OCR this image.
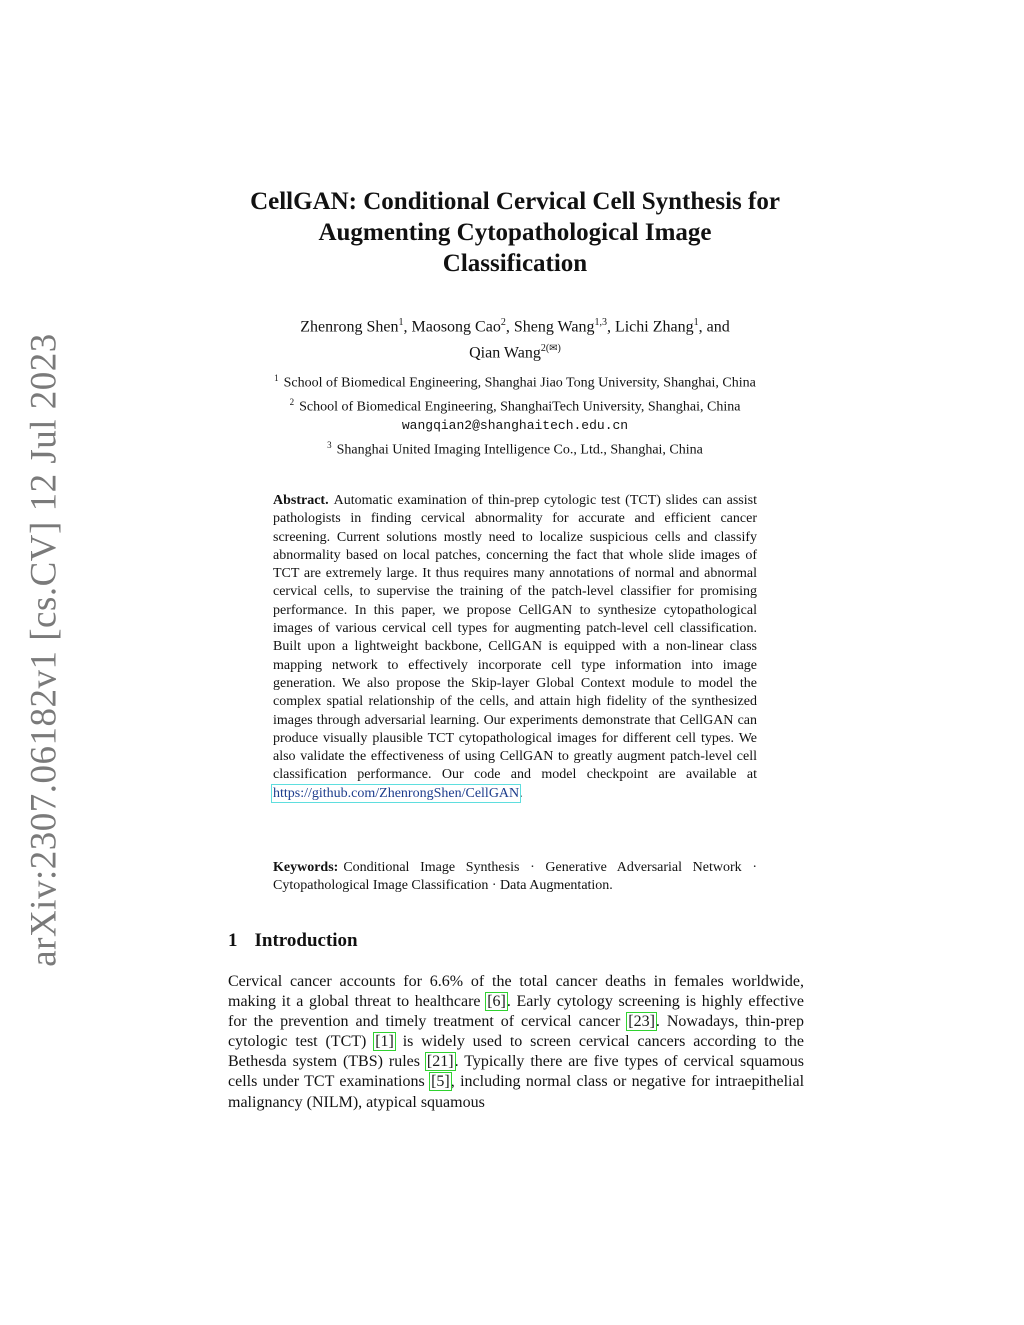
arXiv:2307.06182v1 [cs.CV] 12 Jul 2023
CellGAN: Conditional Cervical Cell Synthesis for
Augmenting Cytopathological Image
Classification
Zhenrong Shen$^1$, Maosong Cao$^2$, Sheng Wang$^{1,3}$, Lichi Zhang$^1$, and
Qian Wang$^{2(✉)}$
$^1$ School of Biomedical Engineering, Shanghai Jiao Tong University, Shanghai, China
$^2$ School of Biomedical Engineering, ShanghaiTech University, Shanghai, China
wangqian2@shanghaitech.edu.cn
$^3$ Shanghai United Imaging Intelligence Co., Ltd., Shanghai, China
Abstract. Automatic examination of thin-prep cytologic test (TCT) slides can assist pathologists in finding cervical abnormality for accurate and efficient cancer screening. Current solutions mostly need to localize suspicious cells and classify abnormality based on local patches, concerning the fact that whole slide images of TCT are extremely large. It thus requires many annotations of normal and abnormal cervical cells, to supervise the training of the patch-level classifier for promising performance. In this paper, we propose CellGAN to synthesize cytopathological images of various cervical cell types for augmenting patch-level cell classification. Built upon a lightweight backbone, CellGAN is equipped with a non-linear class mapping network to effectively incorporate cell type information into image generation. We also propose the Skip-layer Global Context module to model the complex spatial relationship of the cells, and attain high fidelity of the synthesized images through adversarial learning. Our experiments demonstrate that CellGAN can produce visually plausible TCT cytopathological images for different cell types. We also validate the effectiveness of using CellGAN to greatly augment patch-level cell classification performance. Our code and model checkpoint are available at https://github.com/ZhenrongShen/CellGAN.
Keywords: Conditional Image Synthesis · Generative Adversarial Network · Cytopathological Image Classification · Data Augmentation.
1 Introduction
Cervical cancer accounts for 6.6% of the total cancer deaths in females worldwide, making it a global threat to healthcare [6]. Early cytology screening is highly effective for the prevention and timely treatment of cervical cancer [23]. Nowadays, thin-prep cytologic test (TCT) [1] is widely used to screen cervical cancers according to the Bethesda system (TBS) rules [21]. Typically there are five types of cervical squamous cells under TCT examinations [5], including normal class or negative for intraepithelial malignancy (NILM), atypical squamous
